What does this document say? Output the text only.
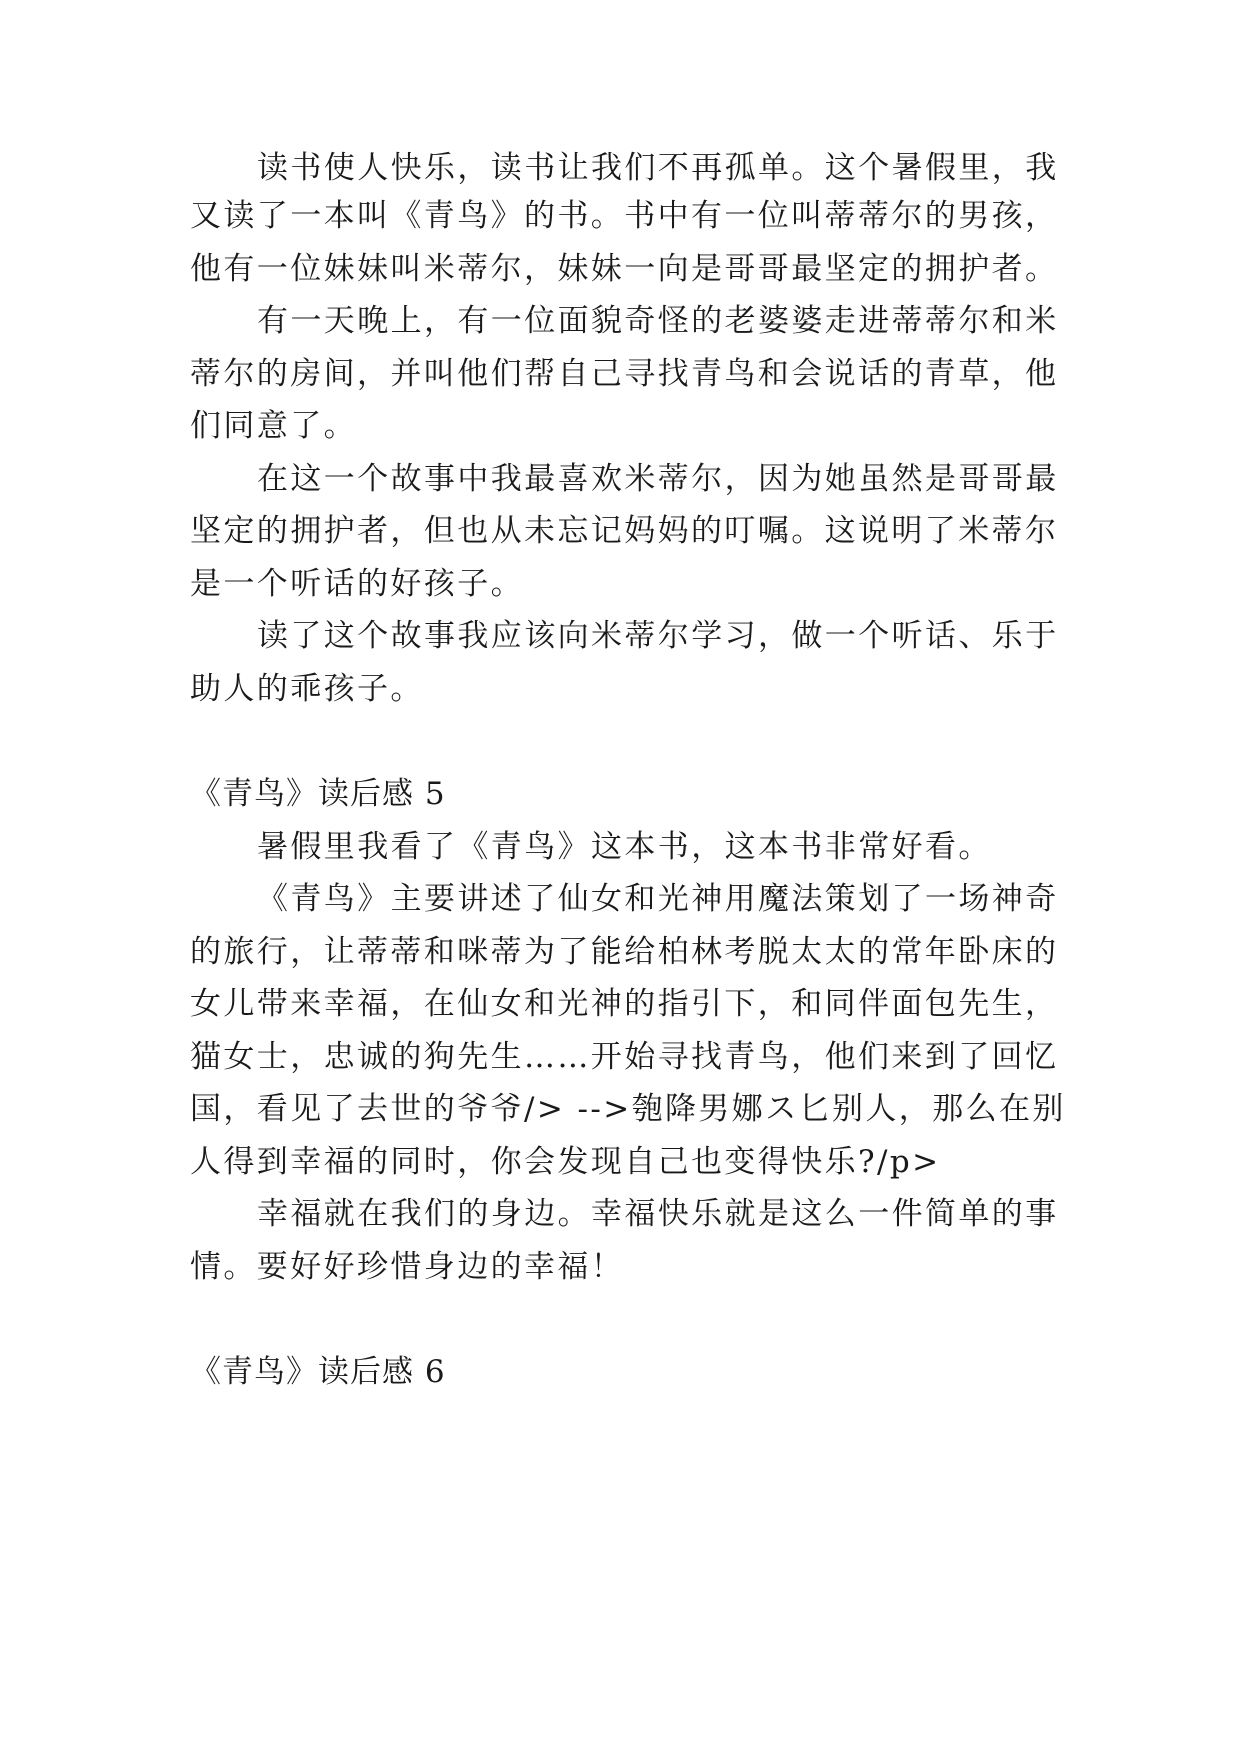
读书使人快乐，读书让我们不再孤单。这个暑假里，我
又读了一本叫《青鸟》的书。书中有一位叫蒂蒂尔的男孩，
他有一位妹妹叫米蒂尔，妹妹一向是哥哥最坚定的拥护者。
有一天晚上，有一位面貌奇怪的老婆婆走进蒂蒂尔和米
蒂尔的房间，并叫他们帮自己寻找青鸟和会说话的青草，他
们同意了。
在这一个故事中我最喜欢米蒂尔，因为她虽然是哥哥最
坚定的拥护者，但也从未忘记妈妈的叮嘱。这说明了米蒂尔
是一个听话的好孩子。
读了这个故事我应该向米蒂尔学习，做一个听话、乐于
助人的乖孩子。
《青鸟》读后感 5
暑假里我看了《青鸟》这本书，这本书非常好看。
《青鸟》主要讲述了仙女和光神用魔法策划了一场神奇
的旅行，让蒂蒂和咪蒂为了能给柏林考脱太太的常年卧床的
女儿带来幸福，在仙女和光神的指引下，和同伴面包先生，
猫女士，忠诚的狗先生……开始寻找青鸟，他们来到了回忆
国，看见了去世的爷爷/> -->匏降男娜ス匕别人，那么在别
人得到幸福的同时，你会发现自己也变得快乐?/p>
幸福就在我们的身边。幸福快乐就是这么一件简单的事
情。要好好珍惜身边的幸福！
《青鸟》读后感 6
